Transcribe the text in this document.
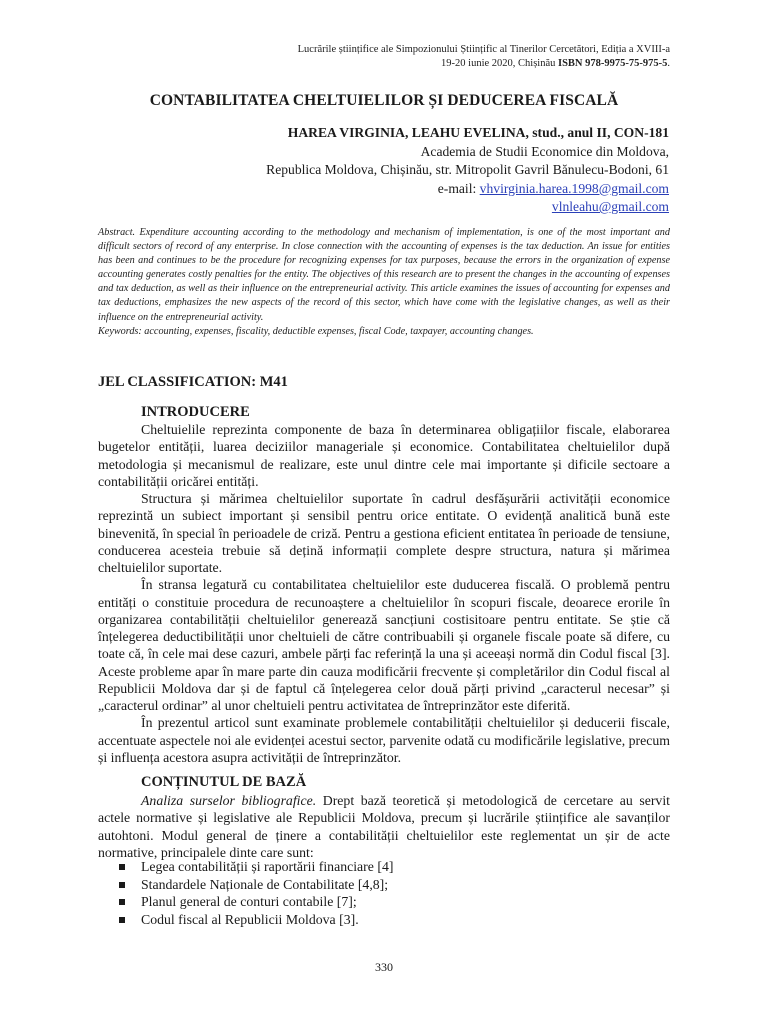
Lucrările științifice ale Simpozionului Științific al Tinerilor Cercetători, Ediția a XVIII-a
19-20 iunie 2020, Chișinău ISBN 978-9975-75-975-5.
CONTABILITATEA CHELTUIELILOR ȘI DEDUCEREA FISCALĂ
HAREA VIRGINIA, LEAHU EVELINA, stud., anul II, CON-181
Academia de Studii Economice din Moldova,
Republica Moldova, Chișinău, str. Mitropolit Gavril Bănulecu-Bodoni, 61
e-mail: vhvirginia.harea.1998@gmail.com
vlnleahu@gmail.com

Abstract. Expenditure accounting according to the methodology and mechanism of implementation, is one of the most important and difficult sectors of record of any enterprise. In close connection with the accounting of expenses is the tax deduction. An issue for entities has been and continues to be the procedure for recognizing expenses for tax purposes, because the errors in the organization of expense accounting generates costly penalties for the entity. The objectives of this research are to present the changes in the accounting of expenses and tax deduction, as well as their influence on the entrepreneurial activity. This article examines the issues of accounting for expenses and tax deductions, emphasizes the new aspects of the record of this sector, which have come with the legislative changes, as well as their influence on the entrepreneurial activity.

Keywords: accounting, expenses, fiscality, deductible expenses, fiscal Code, taxpayer, accounting changes.

JEL CLASSIFICATION: M41
INTRODUCERE

Cheltuielile reprezinta componente de baza în determinarea obligațiilor fiscale, elaborarea bugetelor entității, luarea deciziilor manageriale și economice. Contabilitatea cheltuielilor după metodologia și mecanismul de realizare, este unul dintre cele mai importante și dificile sectoare a contabilității oricărei entități.

Structura și mărimea cheltuielilor suportate în cadrul desfășurării activității economice reprezintă un subiect important și sensibil pentru orice entitate. O evidență analitică bună este binevenită, în special în perioadele de criză. Pentru a gestiona eficient entitatea în perioade de tensiune, conducerea acesteia trebuie să dețină informații complete despre structura, natura și mărimea cheltuielilor suportate.

În stransa legatură cu contabilitatea cheltuielilor este duducerea fiscală. O problemă pentru entități o constituie procedura de recunoaștere a cheltuielilor în scopuri fiscale, deoarece erorile în organizarea contabilității cheltuielilor generează sancțiuni costisitoare pentru entitate. Se știe că înțelegerea deductibilității unor cheltuieli de către contribuabili și organele fiscale poate să difere, cu toate că, în cele mai dese cazuri, ambele părți fac referință la una și aceeași normă din Codul fiscal [3]. Aceste probleme apar în mare parte din cauza modificării frecvente și completărilor din Codul fiscal al Republicii Moldova dar și de faptul că înțelegerea celor două părți privind „caracterul necesar” și „caracterul ordinar” al unor cheltuieli pentru activitatea de întreprinzător este diferită.

În prezentul articol sunt examinate problemele contabilității cheltuielilor și deducerii fiscale, accentuate aspectele noi ale evidenței acestui sector, parvenite odată cu modificările legislative, precum și influența acestora asupra activității de întreprinzător.

CONȚINUTUL DE BAZĂ

Analiza surselor bibliografice. Drept bază teoretică și metodologică de cercetare au servit actele normative și legislative ale Republicii Moldova, precum și lucrările științifice ale savanților autohtoni. Modul general de ținere a contabilității cheltuielilor este reglementat un șir de acte normative, principalele dinte care sunt:

Legea contabilității și raportării financiare [4]
Standardele Naționale de Contabilitate [4,8];
Planul general de conturi contabile [7];
Codul fiscal al Republicii Moldova [3].
330
